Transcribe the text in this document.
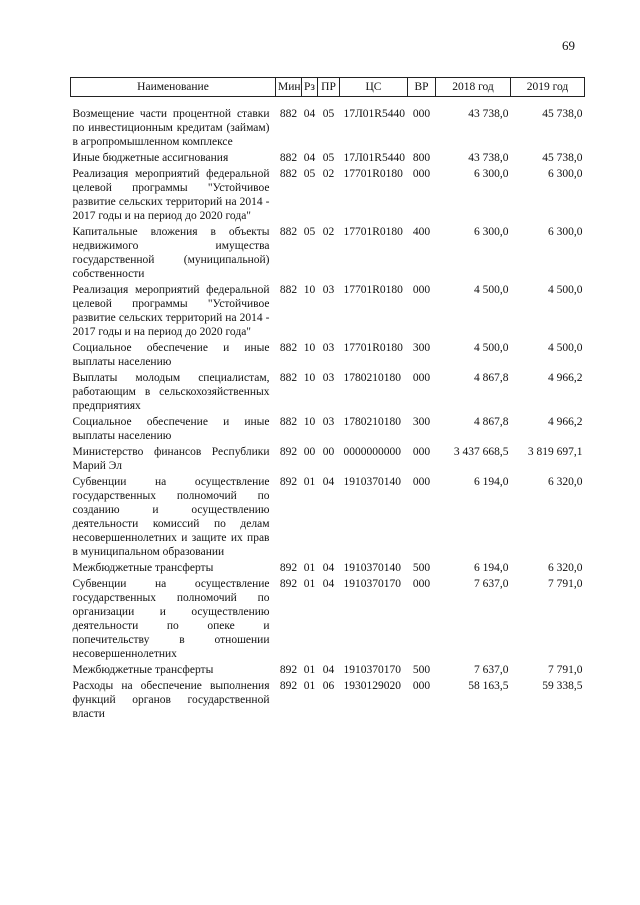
69
Наименование	Мин	Рз	ПР	ЦС	ВР	2018 год	2019 год
Возмещение части процентной ставки по инвестиционным кредитам (займам) в агропромышленном комплексе	882	04	05	17Л01R5440	000	43 738,0	45 738,0
Иные бюджетные ассигнования	882	04	05	17Л01R5440	800	43 738,0	45 738,0
Реализация мероприятий федеральной целевой программы "Устойчивое развитие сельских территорий на 2014 - 2017 годы и на период до 2020 года"	882	05	02	17701R0180	000	6 300,0	6 300,0
Капитальные вложения в объекты недвижимого имущества государственной (муниципальной) собственности	882	05	02	17701R0180	400	6 300,0	6 300,0
Реализация мероприятий федеральной целевой программы "Устойчивое развитие сельских территорий на 2014 - 2017 годы и на период до 2020 года"	882	10	03	17701R0180	000	4 500,0	4 500,0
Социальное обеспечение и иные выплаты населению	882	10	03	17701R0180	300	4 500,0	4 500,0
Выплаты молодым специалистам, работающим в сельскохозяйственных предприятиях	882	10	03	1780210180	000	4 867,8	4 966,2
Социальное обеспечение и иные выплаты населению	882	10	03	1780210180	300	4 867,8	4 966,2
Министерство финансов Республики Марий Эл	892	00	00	0000000000	000	3 437 668,5	3 819 697,1
Субвенции на осуществление государственных полномочий по созданию и осуществлению деятельности комиссий по делам несовершеннолетних и защите их прав в муниципальном образовании	892	01	04	1910370140	000	6 194,0	6 320,0
Межбюджетные трансферты	892	01	04	1910370140	500	6 194,0	6 320,0
Субвенции на осуществление государственных полномочий по организации и осуществлению деятельности по опеке и попечительству в отношении несовершеннолетних	892	01	04	1910370170	000	7 637,0	7 791,0
Межбюджетные трансферты	892	01	04	1910370170	500	7 637,0	7 791,0
Расходы на обеспечение выполнения функций органов государственной власти	892	01	06	1930129020	000	58 163,5	59 338,5
